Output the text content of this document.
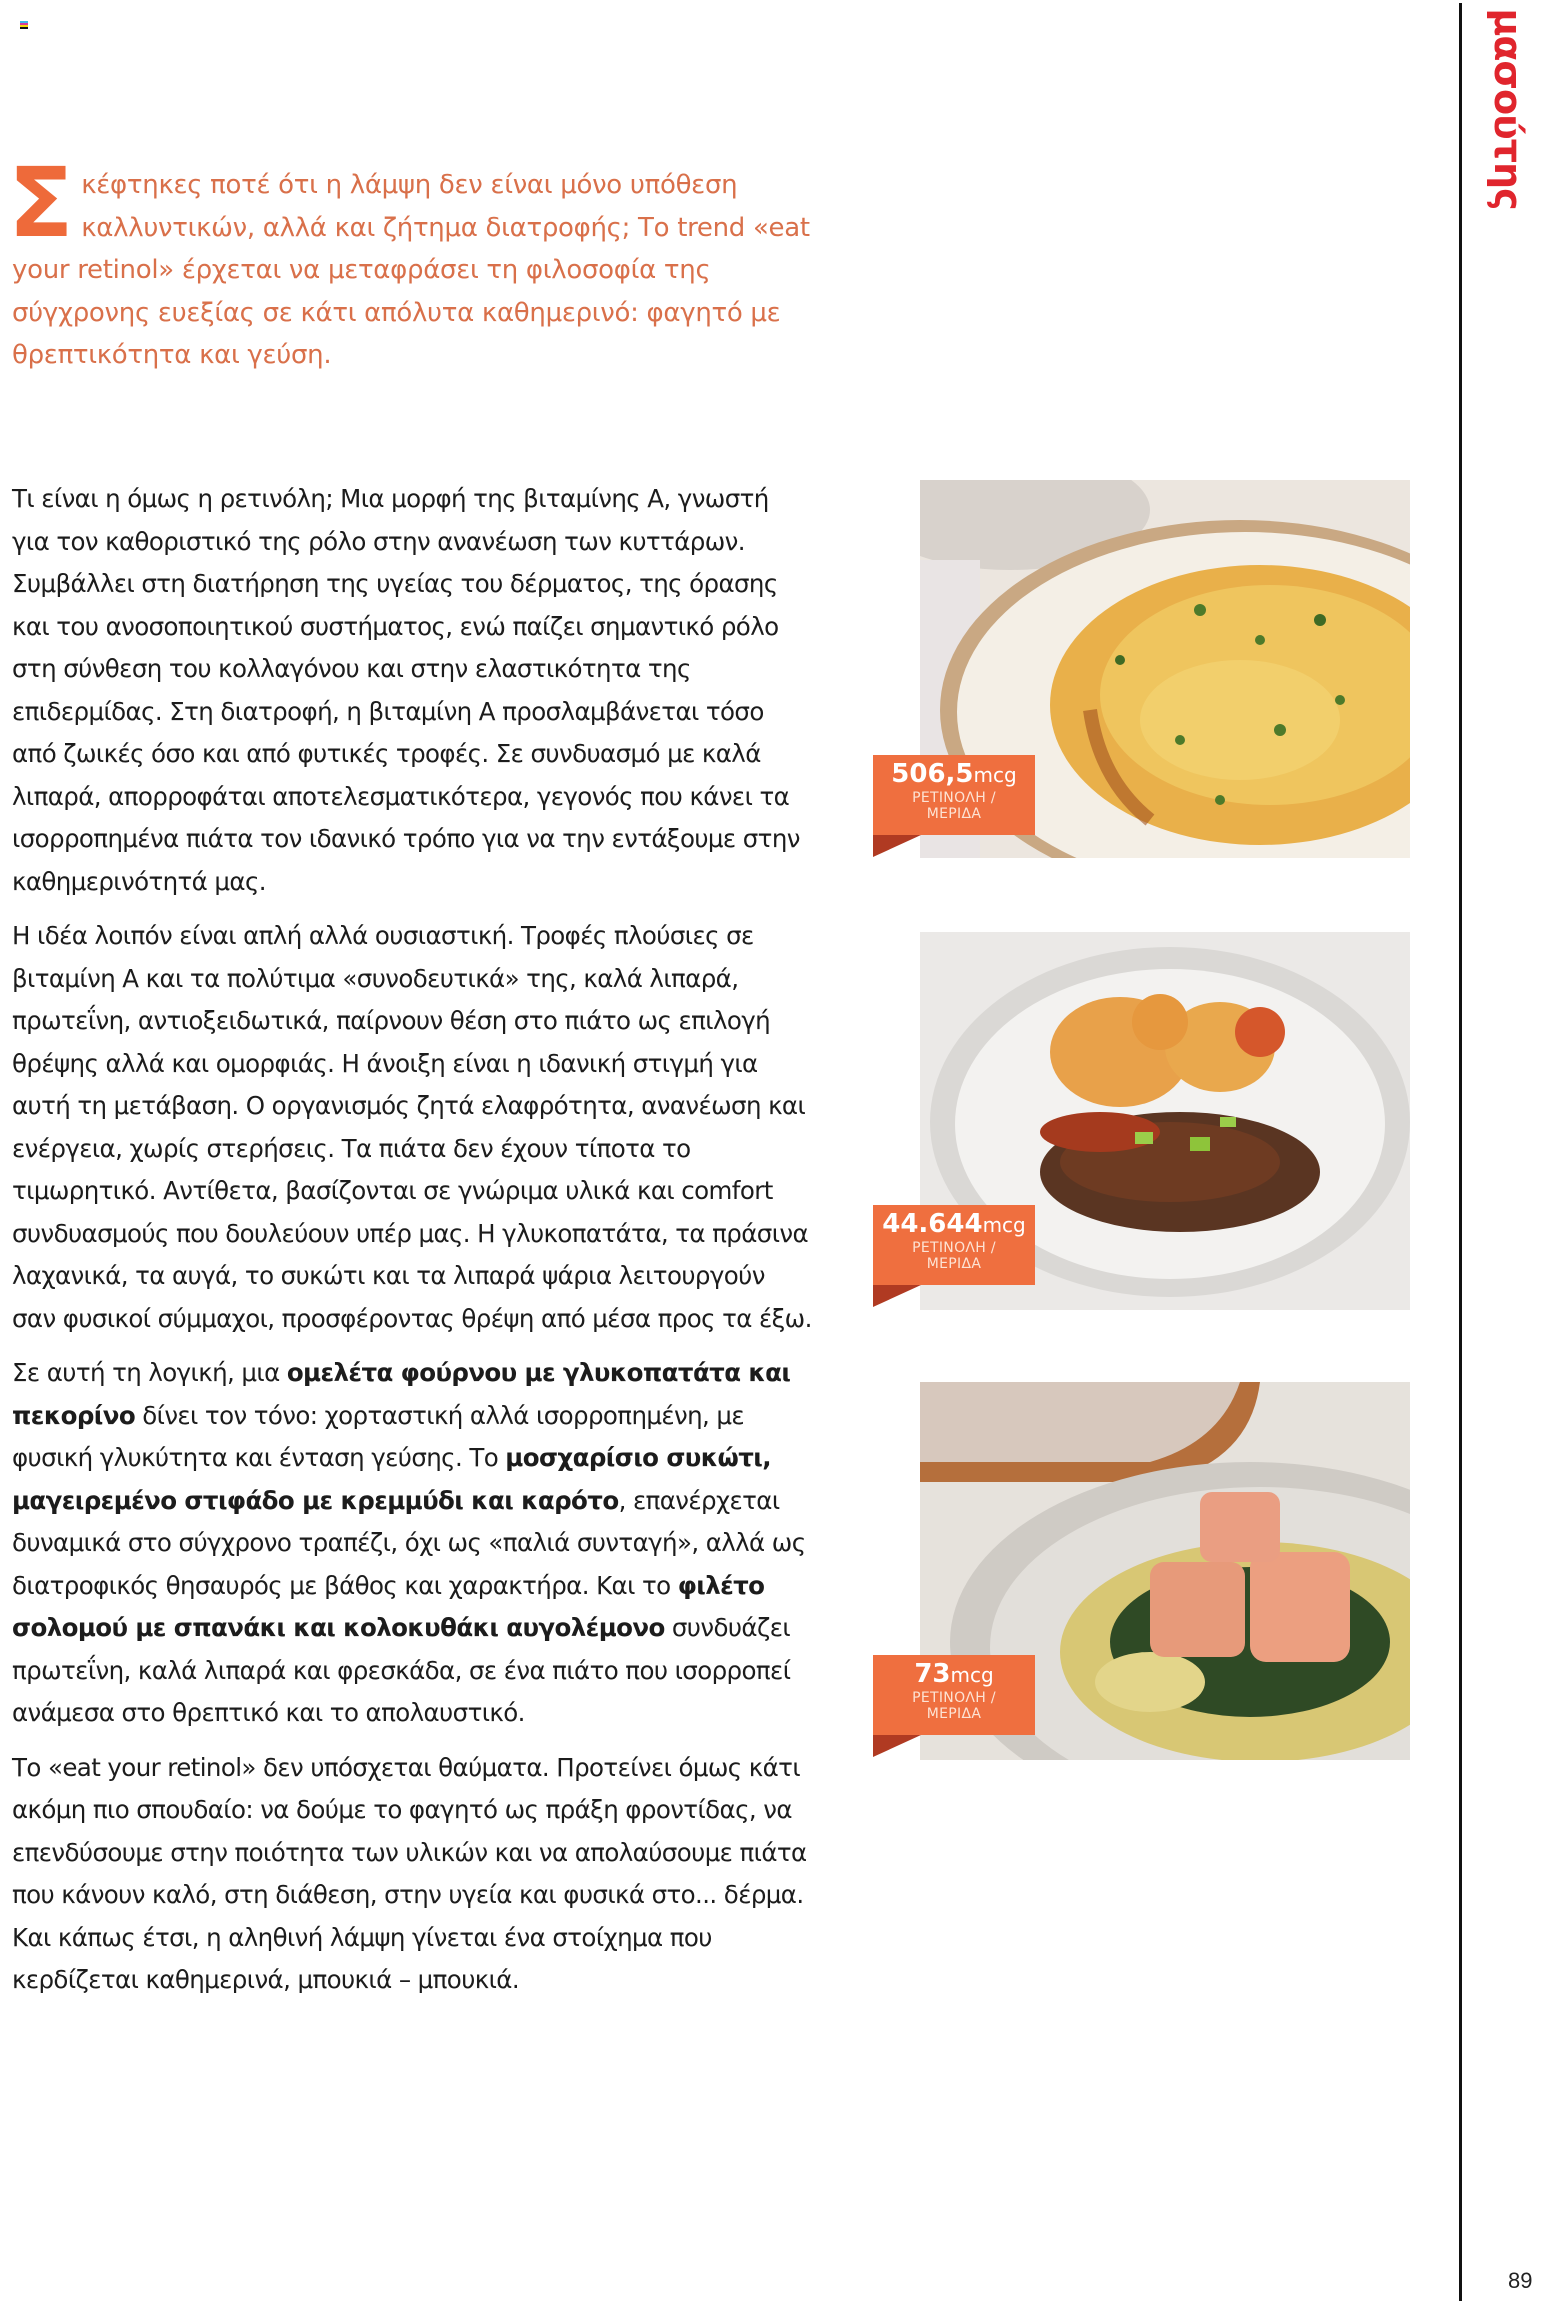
μασούτης
89
Σ κέφτηκες ποτέ ότι η λάμψη δεν είναι μόνο υπόθεση καλλυντικών, αλλά και ζήτημα διατροφής; Το trend «eat your retinol» έρχεται να μεταφράσει τη φιλοσοφία της σύγχρονης ευεξίας σε κάτι απόλυτα καθημερινό: φαγητό με θρεπτικότητα και γεύση.

Τι είναι η όμως η ρετινόλη; Μια μορφή της βιταμίνης Α, γνωστή για τον καθοριστικό της ρόλο στην ανανέωση των κυττάρων. Συμβάλλει στη διατήρηση της υγείας του δέρματος, της όρασης και του ανοσοποιητικού συστήματος, ενώ παίζει σημαντικό ρόλο στη σύνθεση του κολλαγόνου και στην ελαστικότητα της επιδερμίδας. Στη διατροφή, η βιταμίνη Α προσλαμβάνεται τόσο από ζωικές όσο και από φυτικές τροφές. Σε συνδυασμό με καλά λιπαρά, απορροφάται αποτελεσματικότερα, γεγονός που κάνει τα ισορροπημένα πιάτα τον ιδανικό τρόπο για να την εντάξουμε στην καθημερινότητά μας.

Η ιδέα λοιπόν είναι απλή αλλά ουσιαστική. Τροφές πλούσιες σε βιταμίνη Α και τα πολύτιμα «συνοδευτικά» της, καλά λιπαρά, πρωτεΐνη, αντιοξειδωτικά, παίρνουν θέση στο πιάτο ως επιλογή θρέψης αλλά και ομορφιάς. Η άνοιξη είναι η ιδανική στιγμή για αυτή τη μετάβαση. Ο οργανισμός ζητά ελαφρότητα, ανανέωση και ενέργεια, χωρίς στερήσεις. Τα πιάτα δεν έχουν τίποτα το τιμωρητικό. Αντίθετα, βασίζονται σε γνώριμα υλικά και comfort συνδυασμούς που δουλεύουν υπέρ μας. Η γλυκοπατάτα, τα πράσινα λαχανικά, τα αυγά, το συκώτι και τα λιπαρά ψάρια λειτουργούν σαν φυσικοί σύμμαχοι, προσφέροντας θρέψη από μέσα προς τα έξω.

Σε αυτή τη λογική, μια ομελέτα φούρνου με γλυκοπατάτα και πεκορίνο δίνει τον τόνο: χορταστική αλλά ισορροπημένη, με φυσική γλυκύτητα και ένταση γεύσης. Το μοσχαρίσιο συκώτι, μαγειρεμένο στιφάδο με κρεμμύδι και καρότο, επανέρχεται δυναμικά στο σύγχρονο τραπέζι, όχι ως «παλιά συνταγή», αλλά ως διατροφικός θησαυρός με βάθος και χαρακτήρα. Και το φιλέτο σολομού με σπανάκι και κολοκυθάκι αυγολέμονο συνδυάζει πρωτεΐνη, καλά λιπαρά και φρεσκάδα, σε ένα πιάτο που ισορροπεί ανάμεσα στο θρεπτικό και το απολαυστικό.

Το «eat your retinol» δεν υπόσχεται θαύματα. Προτείνει όμως κάτι ακόμη πιο σπουδαίο: να δούμε το φαγητό ως πράξη φροντίδας, να επενδύσουμε στην ποιότητα των υλικών και να απολαύσουμε πιάτα που κάνουν καλό, στη διάθεση, στην υγεία και φυσικά στο... δέρμα. Και κάπως έτσι, η αληθινή λάμψη γίνεται ένα στοίχημα που κερδίζεται καθημερινά, μπουκιά – μπουκιά.

506,5mcg
ΡΕΤΙΝΟΛΗ /
ΜΕΡΙΔΑ
44.644mcg
ΡΕΤΙΝΟΛΗ /
ΜΕΡΙΔΑ
73mcg
ΡΕΤΙΝΟΛΗ /
ΜΕΡΙΔΑ
